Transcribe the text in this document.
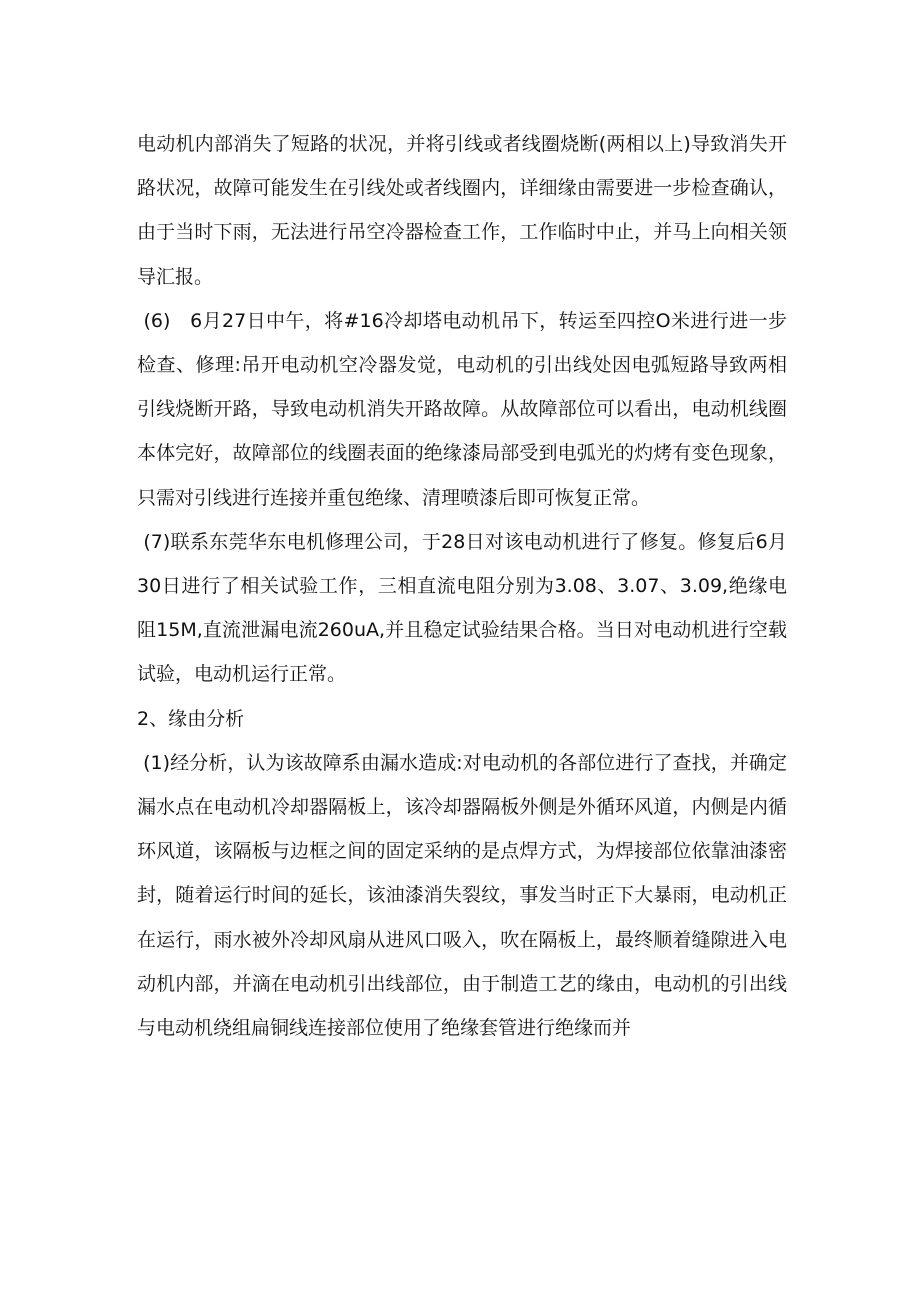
电动机内部消失了短路的状况，并将引线或者线圈烧断(两相以上)导致消失开路状况，故障可能发生在引线处或者线圈内，详细缘由需要进一步检查确认，由于当时下雨，无法进行吊空冷器检查工作，工作临时中止，并马上向相关领导汇报。

(6)　6月27日中午，将#16冷却塔电动机吊下，转运至四控O米进行进一步检查、修理:吊开电动机空冷器发觉，电动机的引出线处因电弧短路导致两相引线烧断开路，导致电动机消失开路故障。从故障部位可以看出，电动机线圈本体完好，故障部位的线圈表面的绝缘漆局部受到电弧光的灼烤有变色现象，只需对引线进行连接并重包绝缘、清理喷漆后即可恢复正常。

(7)联系东莞华东电机修理公司，于28日对该电动机进行了修复。修复后6月30日进行了相关试验工作，三相直流电阻分别为3.08、3.07、3.09,绝缘电阻15M,直流泄漏电流260uA,并且稳定试验结果合格。当日对电动机进行空载试验，电动机运行正常。

2、缘由分析

(1)经分析，认为该故障系由漏水造成:对电动机的各部位进行了查找，并确定漏水点在电动机冷却器隔板上，该冷却器隔板外侧是外循环风道，内侧是内循环风道，该隔板与边框之间的固定采纳的是点焊方式，为焊接部位依靠油漆密封，随着运行时间的延长，该油漆消失裂纹，事发当时正下大暴雨，电动机正在运行，雨水被外冷却风扇从进风口吸入，吹在隔板上，最终顺着缝隙进入电动机内部，并滴在电动机引出线部位，由于制造工艺的缘由，电动机的引出线与电动机绕组扁铜线连接部位使用了绝缘套管进行绝缘而并
